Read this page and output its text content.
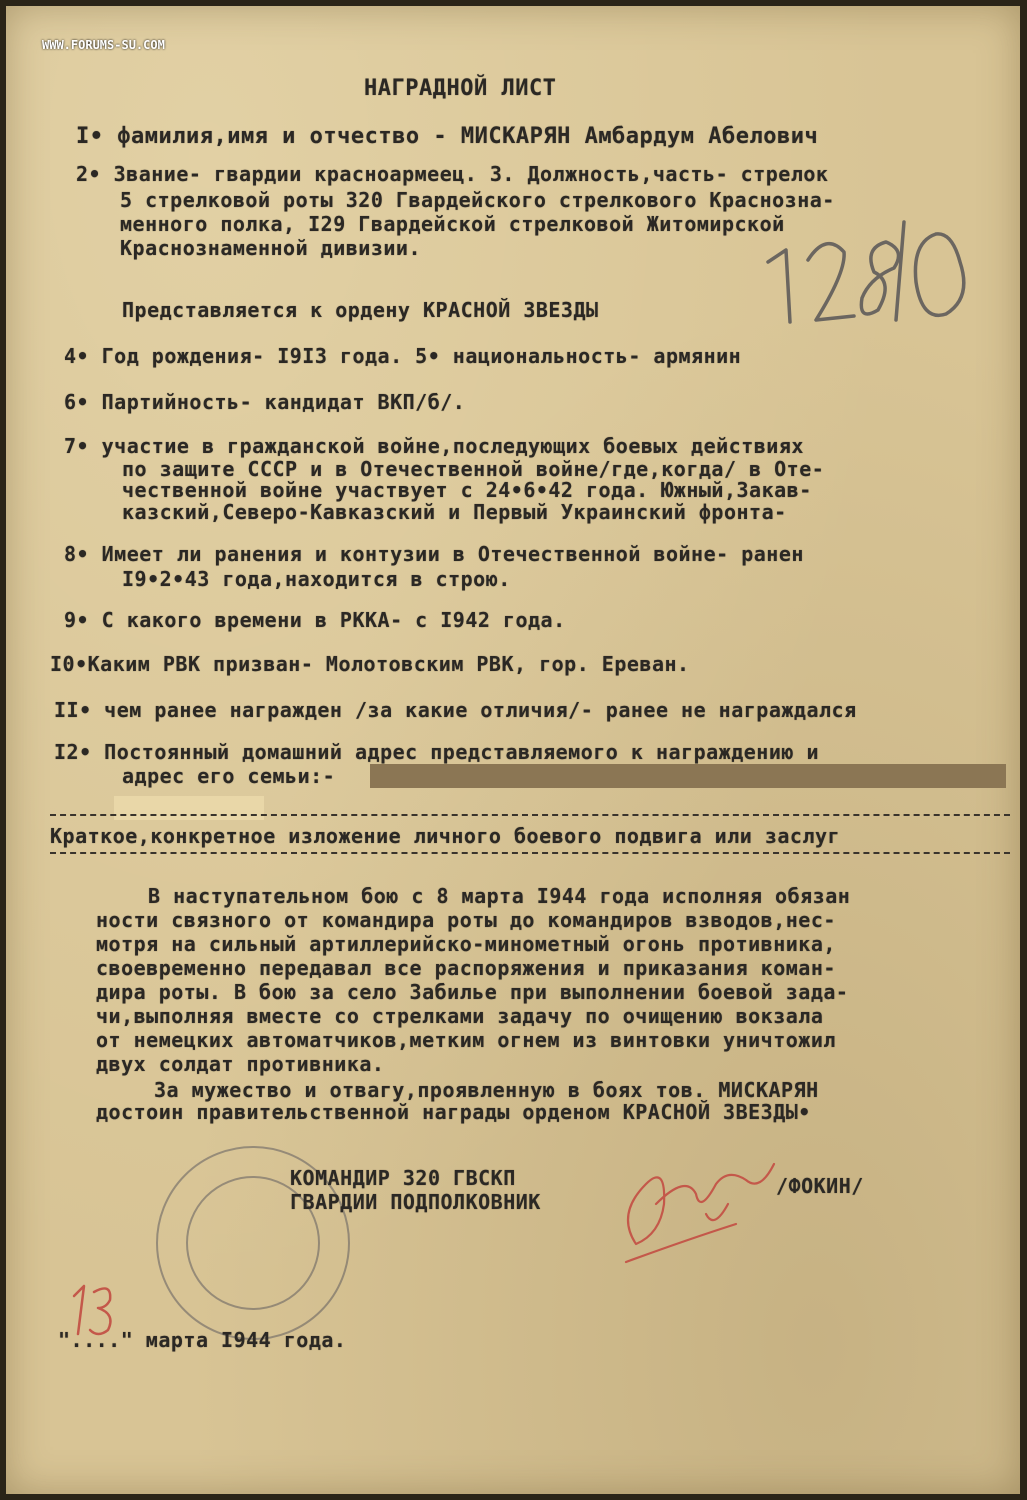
WWW.FORUMS-SU.COM
НАГРАДНОЙ ЛИСТ
I• фамилия,имя и отчество - МИСКАРЯН Амбардум Абелович
2• Звание- гвардии красноармеец. 3. Должность,часть- стрелок
5 стрелковой роты 320 Гвардейского стрелкового Краснозна-
менного полка, I29 Гвардейской стрелковой Житомирской
Краснознаменной дивизии.
Представляется к ордену КРАСНОЙ ЗВЕЗДЫ
4• Год рождения- I9I3 года. 5• национальность- армянин
6• Партийность- кандидат ВКП/б/.
7• участие в гражданской войне,последующих боевых действиях
по защите СССР и в Отечественной войне/где,когда/ в Оте-
чественной войне участвует с 24•6•42 года. Южный,Закав-
казский,Северо-Кавказский и Первый Украинский фронта-
8• Имеет ли ранения и контузии в Отечественной войне- ранен
I9•2•43 года,находится в строю.
9• С какого времени в РККА- с I942 года.
I0•Каким РВК призван- Молотовским РВК, гор. Ереван.
II• чем ранее награжден /за какие отличия/- ранее не награждался
I2• Постоянный домашний адрес представляемого к награждению и
адрес его семьи:-
Краткое,конкретное изложение личного боевого подвига или заслуг
В наступательном бою с 8 марта I944 года исполняя обязан
ности связного от командира роты до командиров взводов,нес-
мотря на сильный артиллерийско-минометный огонь противника,
своевременно передавал все распоряжения и приказания коман-
дира роты. В бою за село Забилье при выполнении боевой зада-
чи,выполняя вместе со стрелками задачу по очищению вокзала
от немецких автоматчиков,метким огнем из винтовки уничтожил
двух солдат противника.
За мужество и отвагу,проявленную в боях тов. МИСКАРЯН
достоин правительственной награды орденом КРАСНОЙ ЗВЕЗДЫ•
КОМАНДИР 320 ГВСКП
ГВАРДИИ ПОДПОЛКОВНИК
/ФОКИН/
"...." марта I944 года.
